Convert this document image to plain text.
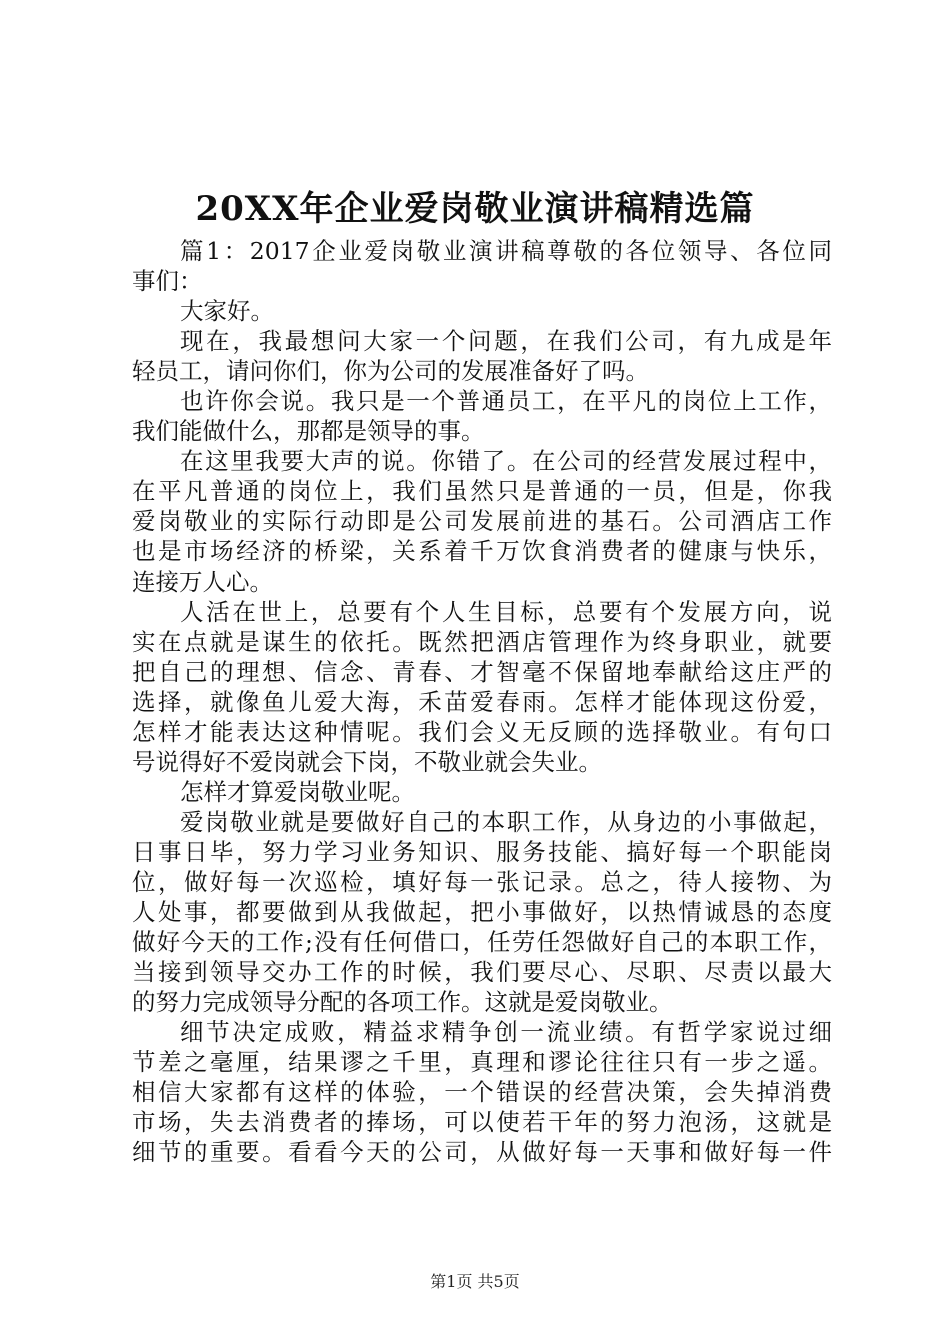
20XX年企业爱岗敬业演讲稿精选篇
篇1：2017企业爱岗敬业演讲稿尊敬的各位领导、各位同
事们：
大家好。
现在，我最想问大家一个问题，在我们公司，有九成是年
轻员工，请问你们，你为公司的发展准备好了吗。
也许你会说。我只是一个普通员工，在平凡的岗位上工作，
我们能做什么，那都是领导的事。
在这里我要大声的说。你错了。在公司的经营发展过程中，
在平凡普通的岗位上，我们虽然只是普通的一员，但是，你我
爱岗敬业的实际行动即是公司发展前进的基石。公司酒店工作
也是市场经济的桥梁，关系着千万饮食消费者的健康与快乐，
连接万人心。
人活在世上，总要有个人生目标，总要有个发展方向，说
实在点就是谋生的依托。既然把酒店管理作为终身职业，就要
把自己的理想、信念、青春、才智毫不保留地奉献给这庄严的
选择，就像鱼儿爱大海，禾苗爱春雨。怎样才能体现这份爱，
怎样才能表达这种情呢。我们会义无反顾的选择敬业。有句口
号说得好不爱岗就会下岗，不敬业就会失业。
怎样才算爱岗敬业呢。
爱岗敬业就是要做好自己的本职工作，从身边的小事做起，
日事日毕，努力学习业务知识、服务技能、搞好每一个职能岗
位，做好每一次巡检，填好每一张记录。总之，待人接物、为
人处事，都要做到从我做起，把小事做好，以热情诚恳的态度
做好今天的工作;没有任何借口，任劳任怨做好自己的本职工作，
当接到领导交办工作的时候，我们要尽心、尽职、尽责以最大
的努力完成领导分配的各项工作。这就是爱岗敬业。
细节决定成败，精益求精争创一流业绩。有哲学家说过细
节差之毫厘，结果谬之千里，真理和谬论往往只有一步之遥。
相信大家都有这样的体验，一个错误的经营决策，会失掉消费
市场，失去消费者的捧场，可以使若干年的努力泡汤，这就是
细节的重要。看看今天的公司，从做好每一天事和做好每一件
第1页 共5页
